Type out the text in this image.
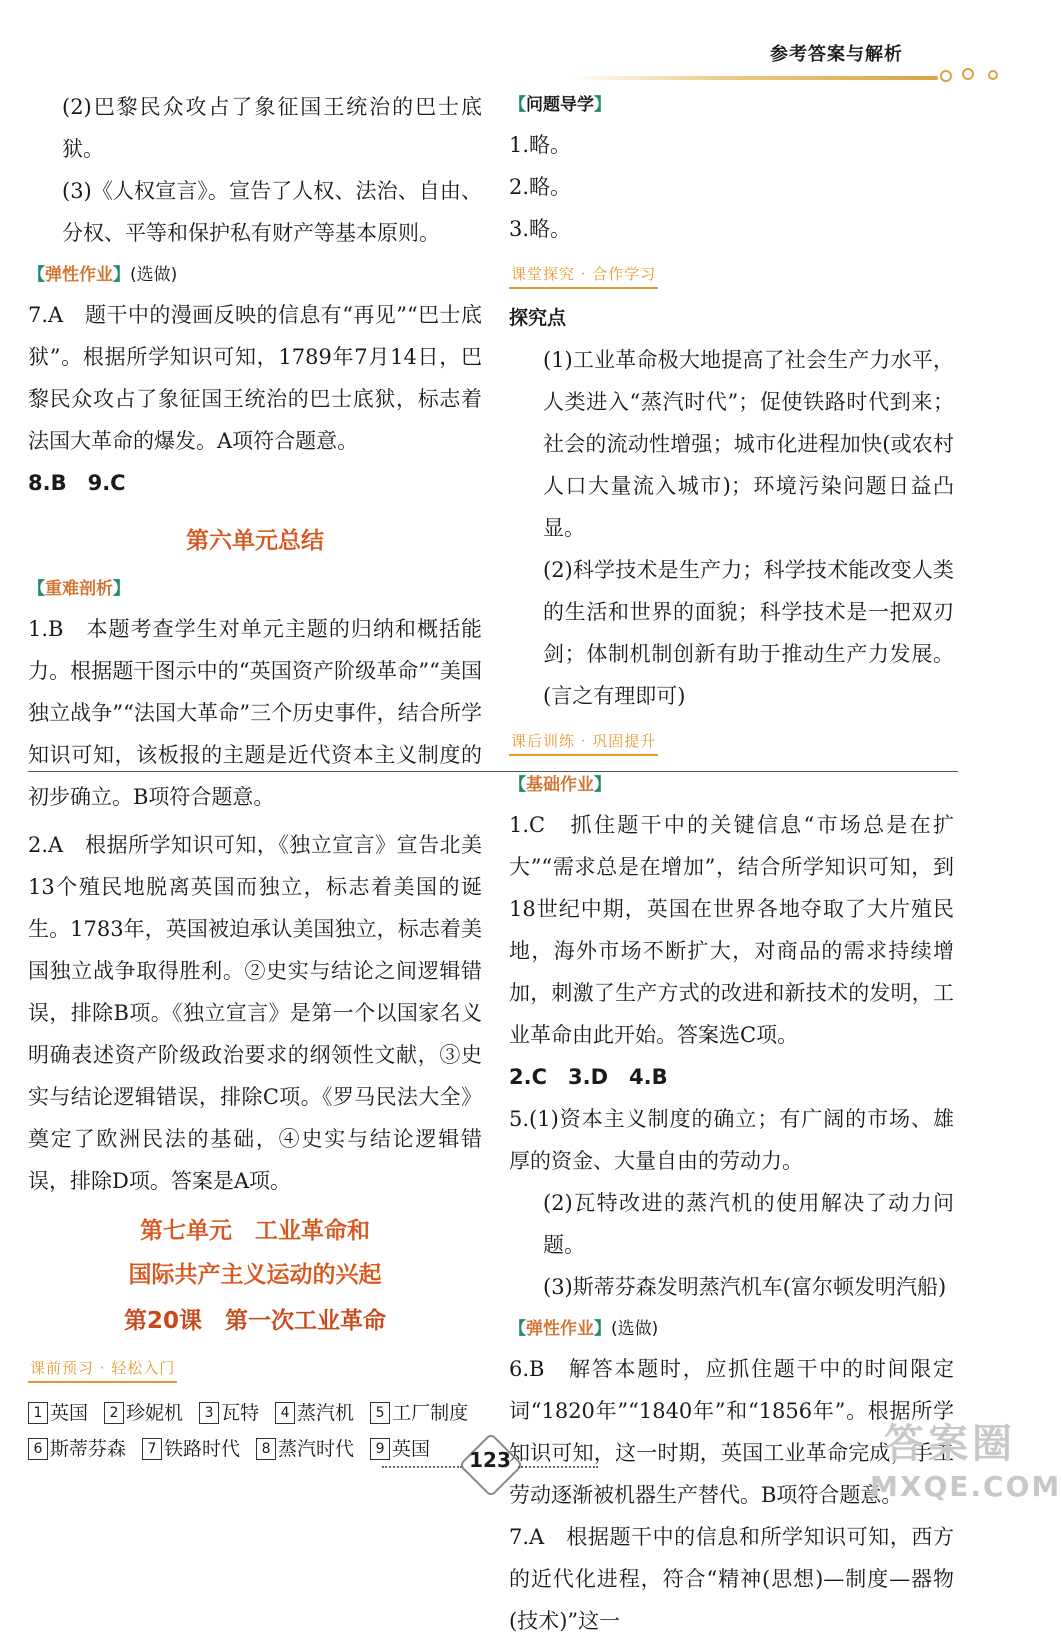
参考答案与解析

(2)巴黎民众攻占了象征国王统治的巴士底狱。

(3)《人权宣言》。宣告了人权、法治、自由、分权、平等和保护私有财产等基本原则。

【弹性作业】(选做)

7.A　题干中的漫画反映的信息有“再见”“巴士底狱”。根据所学知识可知，1789年7月14日，巴黎民众攻占了象征国王统治的巴士底狱，标志着法国大革命的爆发。A项符合题意。

8.B　9.C

第六单元总结
【重难剖析】

1.B　本题考查学生对单元主题的归纳和概括能力。根据题干图示中的“英国资产阶级革命”“美国独立战争”“法国大革命”三个历史事件，结合所学知识可知，该板报的主题是近代资本主义制度的初步确立。B项符合题意。

2.A　根据所学知识可知，《独立宣言》宣告北美13个殖民地脱离英国而独立，标志着美国的诞生。1783年，英国被迫承认美国独立，标志着美国独立战争取得胜利。②史实与结论之间逻辑错误，排除B项。《独立宣言》是第一个以国家名义明确表述资产阶级政治要求的纲领性文献，③史实与结论逻辑错误，排除C项。《罗马民法大全》奠定了欧洲民法的基础，④史实与结论逻辑错误，排除D项。答案是A项。

第七单元　工业革命和
国际共产主义运动的兴起
第20课　第一次工业革命
课前预习 · 轻松入门
1 英国	2 珍妮机	3 瓦特	4 蒸汽机	5 工厂制度
6 斯蒂芬森	7 铁路时代	8 蒸汽时代	9 英国
【问题导学】

1.略。

2.略。

3.略。

课堂探究 · 合作学习

探究点

(1)工业革命极大地提高了社会生产力水平，人类进入“蒸汽时代”；促使铁路时代到来；社会的流动性增强；城市化进程加快(或农村人口大量流入城市)；环境污染问题日益凸显。

(2)科学技术是生产力；科学技术能改变人类的生活和世界的面貌；科学技术是一把双刃剑；体制机制创新有助于推动生产力发展。(言之有理即可)

课后训练 · 巩固提升
【基础作业】

1.C　抓住题干中的关键信息“市场总是在扩大”“需求总是在增加”，结合所学知识可知，到18世纪中期，英国在世界各地夺取了大片殖民地，海外市场不断扩大，对商品的需求持续增加，刺激了生产方式的改进和新技术的发明，工业革命由此开始。答案选C项。

2.C　3.D　4.B

5.(1)资本主义制度的确立；有广阔的市场、雄厚的资金、大量自由的劳动力。

(2)瓦特改进的蒸汽机的使用解决了动力问题。

(3)斯蒂芬森发明蒸汽机车(富尔顿发明汽船)

【弹性作业】(选做)

6.B　解答本题时，应抓住题干中的时间限定词“1820年”“1840年”和“1856年”。根据所学知识可知，这一时期，英国工业革命完成，手工劳动逐渐被机器生产替代。B项符合题意。

7.A　根据题干中的信息和所学知识可知，西方的近代化进程，符合“精神(思想)—制度—器物(技术)”这一

123	答案圈
MXQE.COM
